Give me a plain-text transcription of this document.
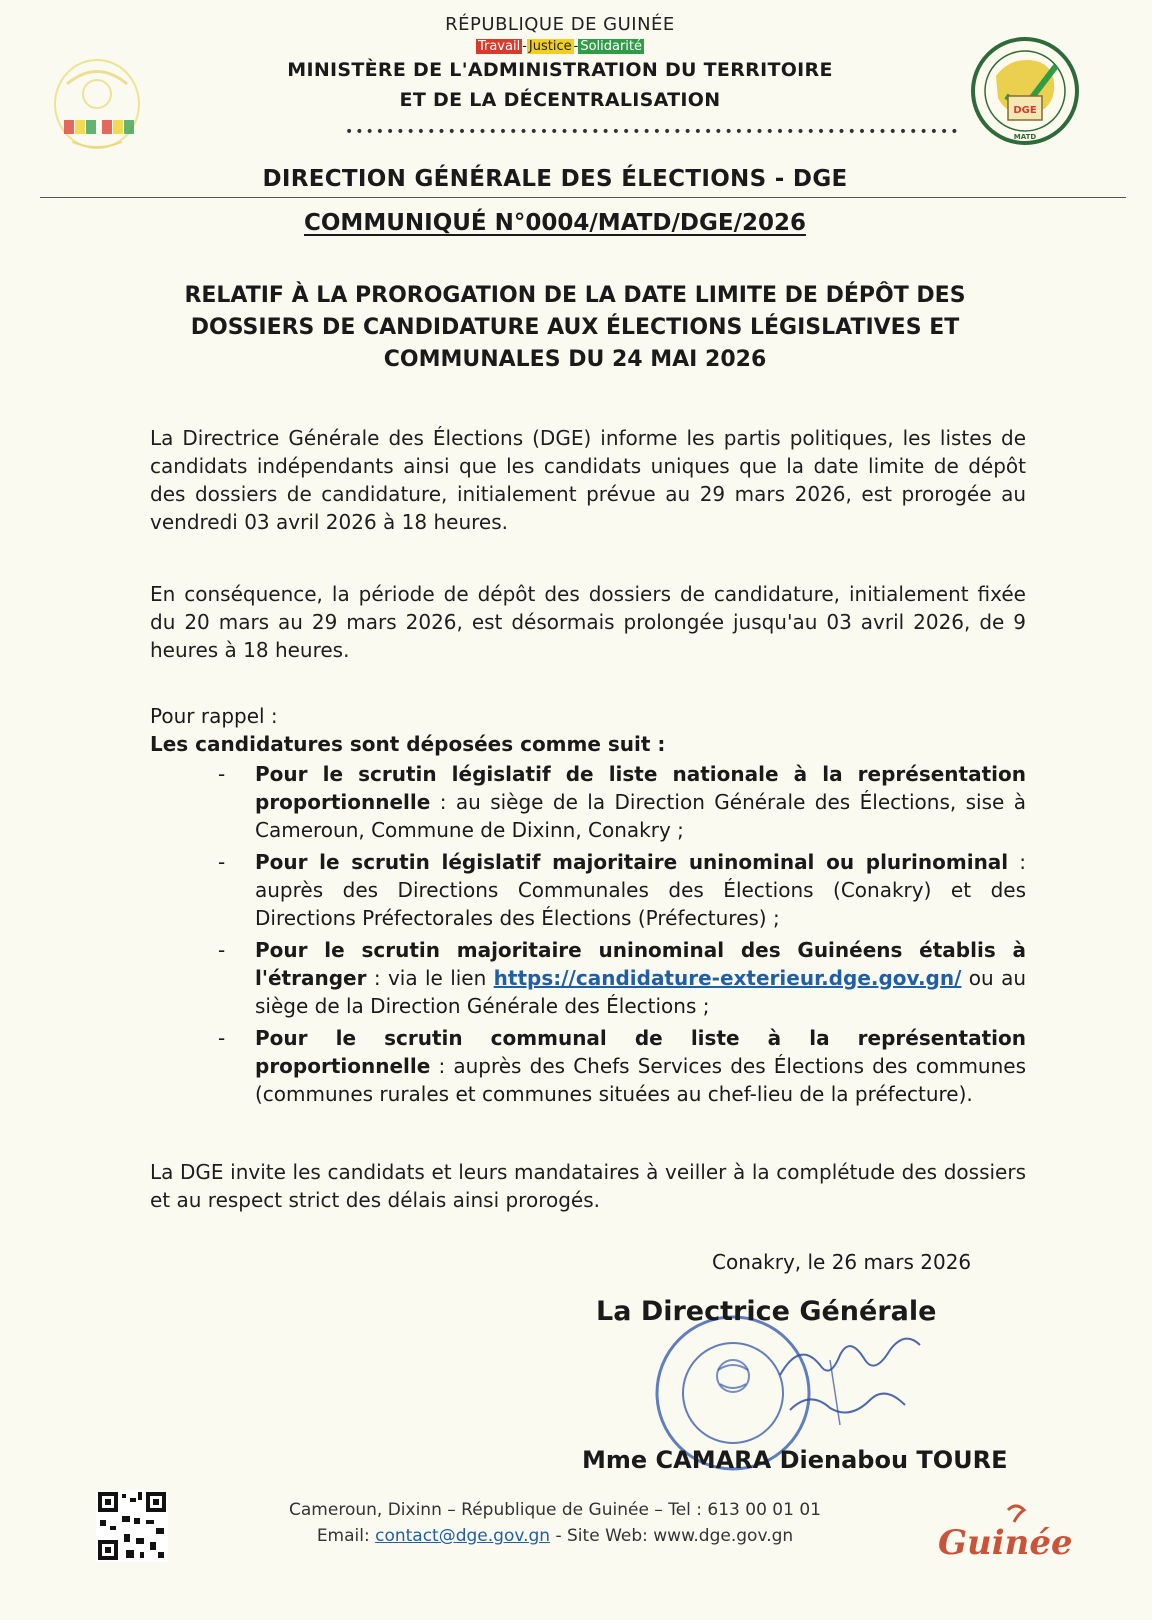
RÉPUBLIQUE DE GUINÉE
Travail - Justice - Solidarité
MINISTÈRE DE L'ADMINISTRATION DU TERRITOIRE
ET DE LA DÉCENTRALISATION
••••••••••••••••••••••••••••••••••••••••••••••••••••••••••••
DGE
MATD
DIRECTION GÉNÉRALE DES ÉLECTIONS - DGE
COMMUNIQUÉ N°0004/MATD/DGE/2026
RELATIF À LA PROROGATION DE LA DATE LIMITE DE DÉPÔT DES DOSSIERS DE CANDIDATURE AUX ÉLECTIONS LÉGISLATIVES ET COMMUNALES DU 24 MAI 2026
La Directrice Générale des Élections (DGE) informe les partis politiques, les listes de candidats indépendants ainsi que les candidats uniques que la date limite de dépôt des dossiers de candidature, initialement prévue au 29 mars 2026, est prorogée au vendredi 03 avril 2026 à 18 heures.
En conséquence, la période de dépôt des dossiers de candidature, initialement fixée du 20 mars au 29 mars 2026, est désormais prolongée jusqu'au 03 avril 2026, de 9 heures à 18 heures.
Pour rappel :
Les candidatures sont déposées comme suit :
-	Pour le scrutin législatif de liste nationale à la représentation proportionnelle : au siège de la Direction Générale des Élections, sise à Cameroun, Commune de Dixinn, Conakry ;
-	Pour le scrutin législatif majoritaire uninominal ou plurinominal : auprès des Directions Communales des Élections (Conakry) et des Directions Préfectorales des Élections (Préfectures) ;
-	Pour le scrutin majoritaire uninominal des Guinéens établis à l'étranger : via le lien https://candidature-exterieur.dge.gov.gn/ ou au siège de la Direction Générale des Élections ;
-	Pour le scrutin communal de liste à la représentation proportionnelle : auprès des Chefs Services des Élections des communes (communes rurales et communes situées au chef-lieu de la préfecture).
La DGE invite les candidats et leurs mandataires à veiller à la complétude des dossiers et au respect strict des délais ainsi prorogés.
Conakry, le 26 mars 2026
La Directrice Générale
Mme CAMARA Dienabou TOURE
Cameroun, Dixinn – République de Guinée – Tel : 613 00 01 01
Email: contact@dge.gov.gn - Site Web: www.dge.gov.gn	Guinée
